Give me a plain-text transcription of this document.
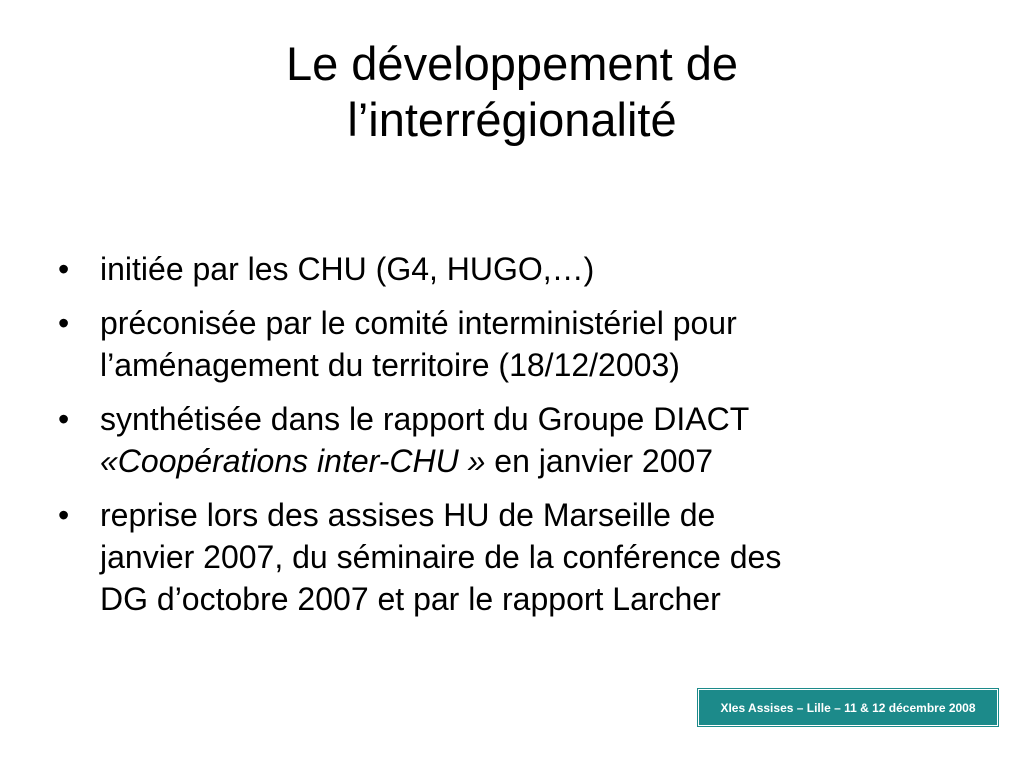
Le développement de
l’interrégionalité
• initiée par les CHU (G4, HUGO,…)
• préconisée par le comité interministériel pour
l’aménagement du territoire (18/12/2003)
• synthétisée dans le rapport du Groupe DIACT
«Coopérations inter-CHU » en janvier 2007
• reprise lors des assises HU de Marseille de
janvier 2007, du séminaire de la conférence des
DG d’octobre 2007 et par le rapport Larcher
XIes Assises – Lille – 11 & 12 décembre 2008
